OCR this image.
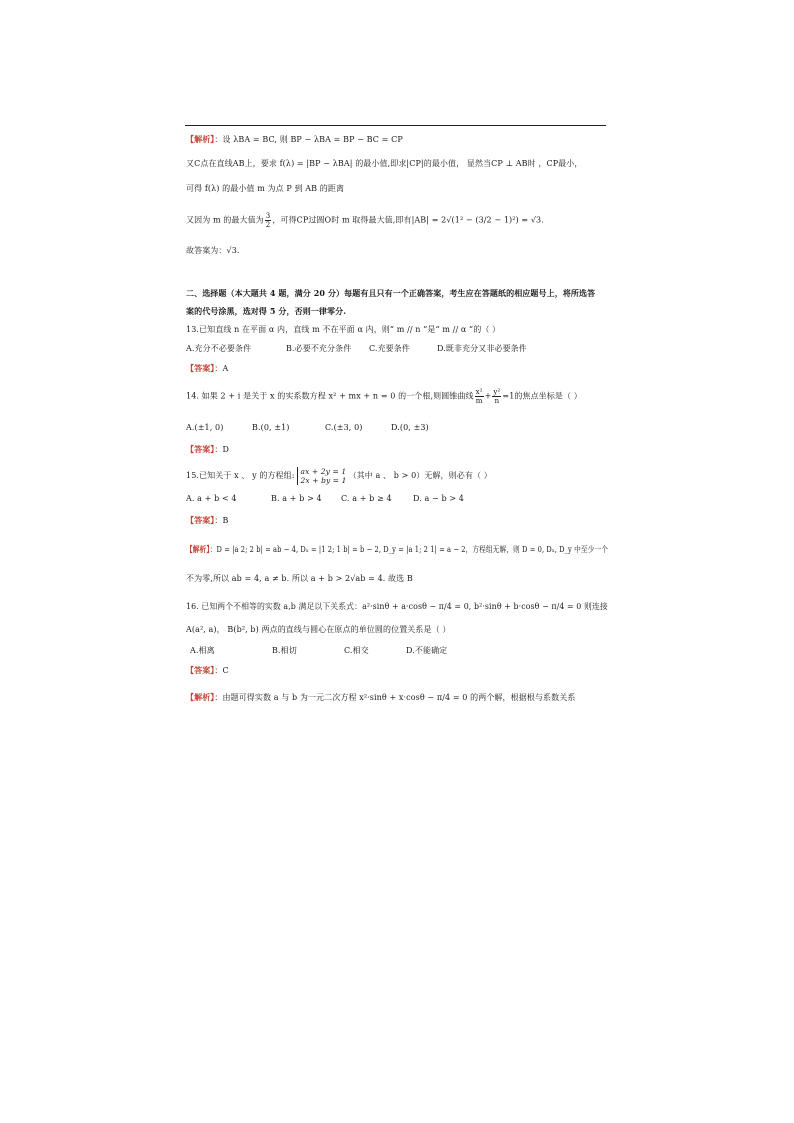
【解析】：设 λBA = BC, 则 BP − λBA = BP − BC = CP
又C点在直线AB上，要求 f(λ) = |BP − λBA| 的最小值,即求|CP|的最小值， 显然当CP ⊥ AB时 ，CP最小，
可得 f(λ) 的最小值 m 为点 P 到 AB 的距离
又因为 m 的最大值为 $\frac{3}{2}$ ，可得CP过圆O时 m 取得最大值,即有|AB| = 2√(1² − (3/2 − 1)²) = √3.
故答案为：√3.
二、选择题（本大题共 4 题，满分 20 分）每题有且只有一个正确答案，考生应在答题纸的相应题号上，将所选答
案的代号涂黑，选对得 5 分，否则一律零分.
13.已知直线 n 在平面 α 内，直线 m 不在平面 α 内，则“ m // n ”是“ m // α ”的（ ）
A.充分不必要条件	B.必要不充分条件 C.充要条件	D.既非充分又非必要条件
【答案】：A
14. 如果 2 + i 是关于 x 的实系数方程 x² + mx + n = 0 的一个根,则圆锥曲线 $\frac{\text{x²}}{m} + \frac{\text{y²}}{n} =1$的焦点坐标是（ ）
A.(±1, 0)	B.(0, ±1)	C.(±3, 0)	D.(0, ±3)
【答案】：D
15.已知关于 x 、 y 的方程组: ax + 2y = 1
2x + by = 1
（其中 a 、 b > 0）无解，则必有（ ）
A. a + b < 4	B. a + b > 4 C. a + b ≥ 4	D. a − b > 4
【答案】：B
【解析】：D = |a 2; 2 b| = ab − 4, Dₓ = |1 2; 1 b| = b − 2, D_y = |a 1; 2 1| = a − 2，方程组无解，则 D = 0, Dₓ, D_y 中至少一个
不为零,所以 ab = 4, a ≠ b. 所以 a + b > 2√ab = 4. 故选 B
16. 已知两个不相等的实数 a,b 满足以下关系式：a²·sinθ + a·cosθ − π/4 = 0, b²·sinθ + b·cosθ − π/4 = 0 则连接
A(a², a)， B(b², b) 两点的直线与圆心在原点的单位圆的位置关系是（ ）
A.相离	B.相切	C.相交	D.不能确定
【答案】：C
【解析】：由题可得实数 a 与 b 为一元二次方程 x²·sinθ + x·cosθ − π/4 = 0 的两个解，根据根与系数关系
